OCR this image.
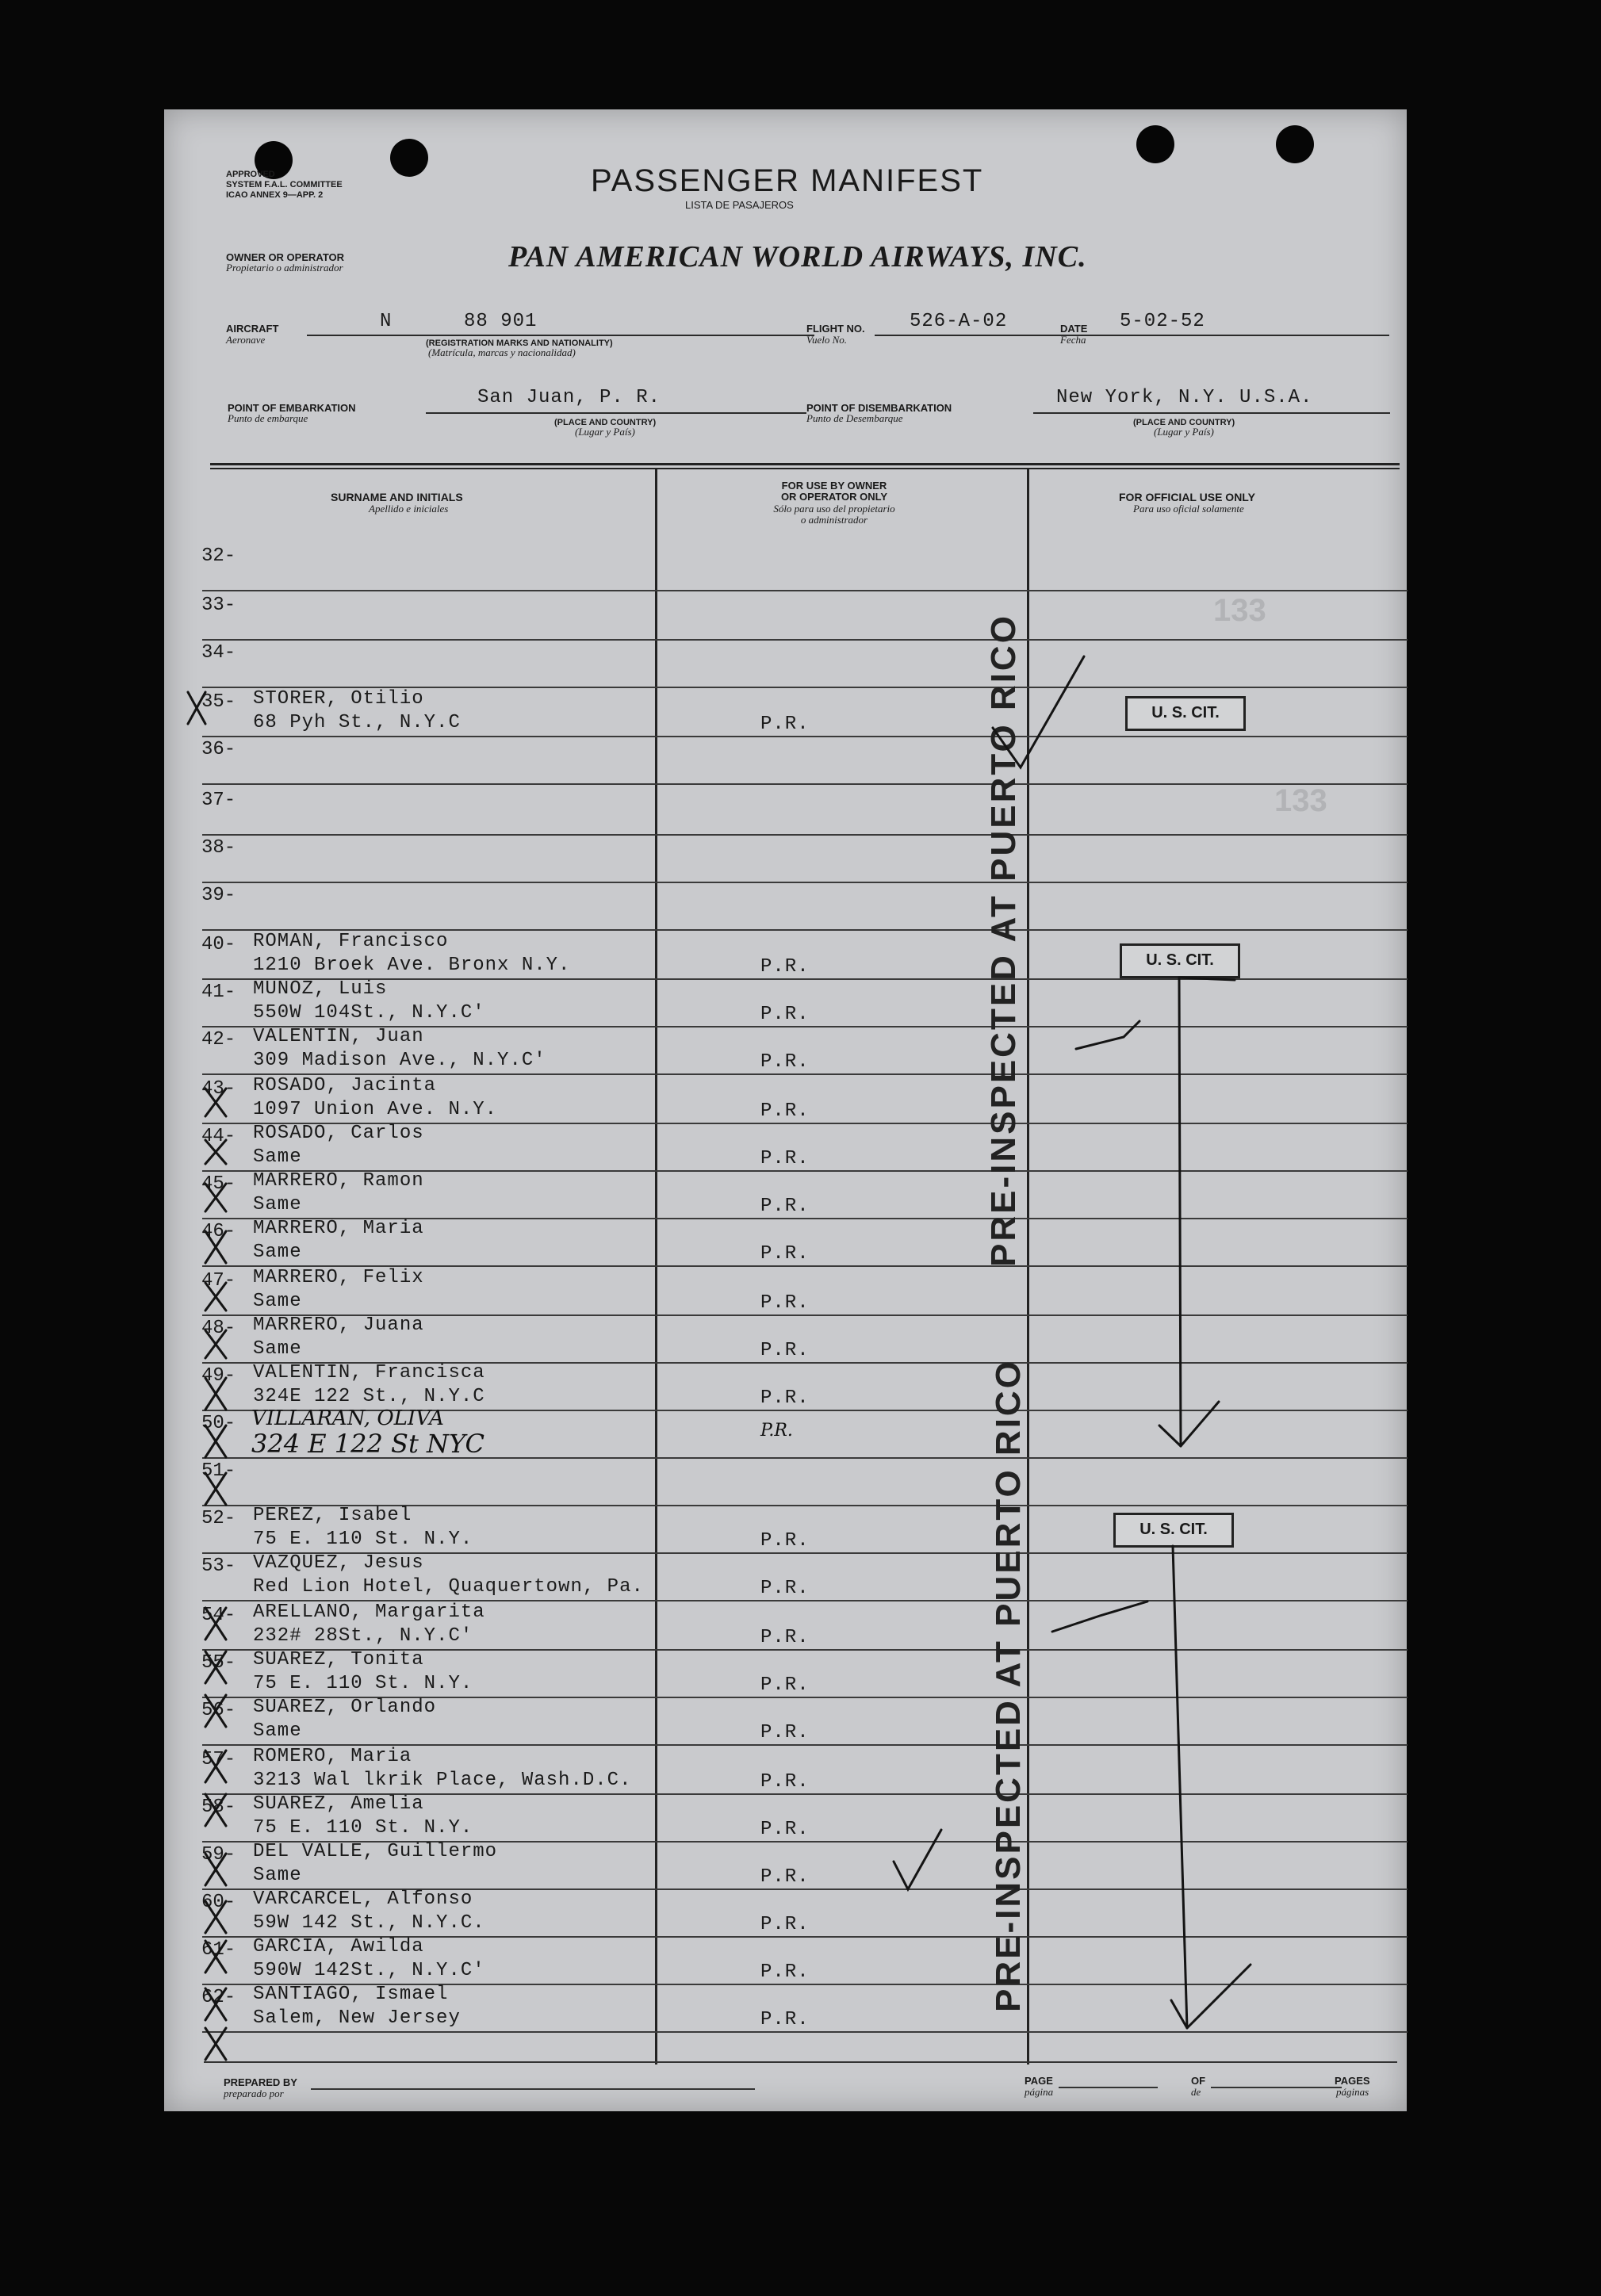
APPROVED
SYSTEM F.A.L. COMMITTEE
ICAO ANNEX 9—APP. 2	PASSENGER MANIFEST
LISTA DE PASAJEROS
OWNER OR OPERATOR
Propietario o administrador	PAN AMERICAN WORLD AIRWAYS, INC.
AIRCRAFT
Aeronave
N	88 901
(REGISTRATION MARKS AND NATIONALITY)
(Matrícula, marcas y nacionalidad)
FLIGHT NO.
Vuelo No.
526-A-02	DATE
Fecha
5-02-52
POINT OF EMBARKATION
Punto de embarque
San Juan, P. R.
(PLACE AND COUNTRY)
(Lugar y País)
POINT OF DISEMBARKATION
Punto de Desembarque
New York, N.Y. U.S.A.
(PLACE AND COUNTRY)
(Lugar y País)
SURNAME AND INITIALS
Apellido e iniciales
FOR USE BY OWNER
OR OPERATOR ONLY
Sólo para uso del propietario
o administrador
FOR OFFICIAL USE ONLY
Para uso oficial solamente
32-
33-
34-
35- STORER, Otilio
68 Pyh St., N.Y.C	P.R.
36-
37-
38-
39-
40- ROMAN, Francisco
1210 Broek Ave. Bronx N.Y.	P.R.
41- MUNOZ, Luis
550W 104St., N.Y.C'	P.R.
42- VALENTIN, Juan
309 Madison Ave., N.Y.C'	P.R.
43- ROSADO, Jacinta
1097 Union Ave. N.Y.	P.R.
44- ROSADO, Carlos
Same	P.R.
45- MARRERO, Ramon
Same	P.R.
46- MARRERO, Maria
Same	P.R.
47- MARRERO, Felix
Same	P.R.
48- MARRERO, Juana
Same	P.R.
49- VALENTIN, Francisca
324E 122 St., N.Y.C	P.R.
50- VILLARAN, OLIVA
324 E 122 St NYC	P.R.
51-
52- PEREZ, Isabel
75 E. 110 St. N.Y.	P.R.
53- VAZQUEZ, Jesus
Red Lion Hotel, Quaquertown, Pa.	P.R.
54- ARELLANO, Margarita
232# 28St., N.Y.C'	P.R.
55- SUAREZ, Tonita
75 E. 110 St. N.Y.	P.R.
56- SUAREZ, Orlando
Same	P.R.
57- ROMERO, Maria
3213 Wal lkrik Place, Wash.D.C.	P.R.
58- SUAREZ, Amelia
75 E. 110 St. N.Y.	P.R.
59- DEL VALLE, Guillermo
Same	P.R.
60- VARCARCEL, Alfonso
59W 142 St., N.Y.C.	P.R.
61- GARCIA, Awilda
590W 142St., N.Y.C'	P.R.
62- SANTIAGO, Ismael
Salem, New Jersey	P.R.
133
133
U. S. CIT.
U. S. CIT.
U. S. CIT.
PRE-INSPECTED AT PUERTO RICO
PRE-INSPECTED AT PUERTO RICO
PREPARED BY
preparado por
PAGE
página
OF
de
PAGES
páginas
